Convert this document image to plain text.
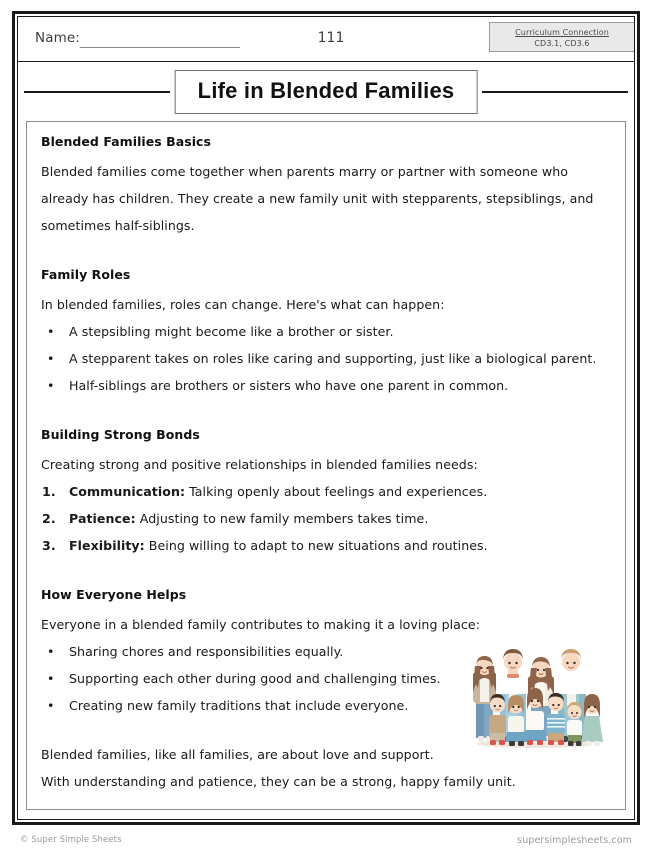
Name:	111	Curriculum Connection
CD3.1, CD3.6
Life in Blended Families
Blended Families Basics
Blended families come together when parents marry or partner with someone who already has children. They create a new family unit with stepparents, stepsiblings, and sometimes half-siblings.
Family Roles
In blended families, roles can change. Here's what can happen:
•	A stepsibling might become like a brother or sister.
•	A stepparent takes on roles like caring and supporting, just like a biological parent.
•	Half-siblings are brothers or sisters who have one parent in common.
Building Strong Bonds
Creating strong and positive relationships in blended families needs:
1.	Communication: Talking openly about feelings and experiences.
2.	Patience: Adjusting to new family members takes time.
3.	Flexibility: Being willing to adapt to new situations and routines.
How Everyone Helps
Everyone in a blended family contributes to making it a loving place:
•	Sharing chores and responsibilities equally.
•	Supporting each other during good and challenging times.
•	Creating new family traditions that include everyone.
Blended families, like all families, are about love and support.
With understanding and patience, they can be a strong, happy family unit.
© Super Simple Sheets	supersimplesheets.com
